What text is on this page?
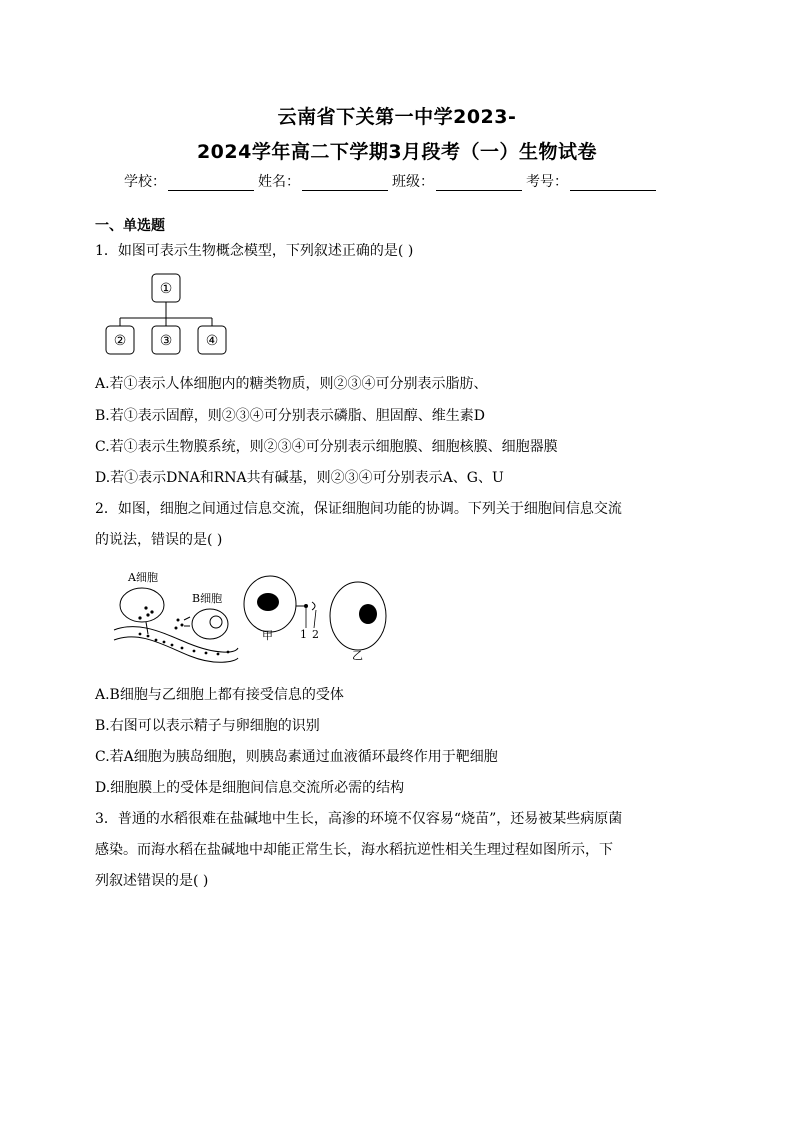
云南省下关第一中学2023-
2024学年高二下学期3月段考（一）生物试卷
学校：	姓名：	班级：	考号：
一、单选题
1．如图可表示生物概念模型，下列叙述正确的是( )
①
② ③ ④
A.若①表示人体细胞内的糖类物质，则②③④可分别表示脂肪、
B.若①表示固醇，则②③④可分别表示磷脂、胆固醇、维生素D
C.若①表示生物膜系统，则②③④可分别表示细胞膜、细胞核膜、细胞器膜
D.若①表示DNA和RNA共有碱基，则②③④可分别表示A、G、U
2．如图，细胞之间通过信息交流，保证细胞间功能的协调。下列关于细胞间信息交流
的说法，错误的是( )
A细胞
B细胞
甲 1 2
乙
A.B细胞与乙细胞上都有接受信息的受体
B.右图可以表示精子与卵细胞的识别
C.若A细胞为胰岛细胞，则胰岛素通过血液循环最终作用于靶细胞
D.细胞膜上的受体是细胞间信息交流所必需的结构
3．普通的水稻很难在盐碱地中生长，高渗的环境不仅容易“烧苗”，还易被某些病原菌
感染。而海水稻在盐碱地中却能正常生长，海水稻抗逆性相关生理过程如图所示，下
列叙述错误的是( )
